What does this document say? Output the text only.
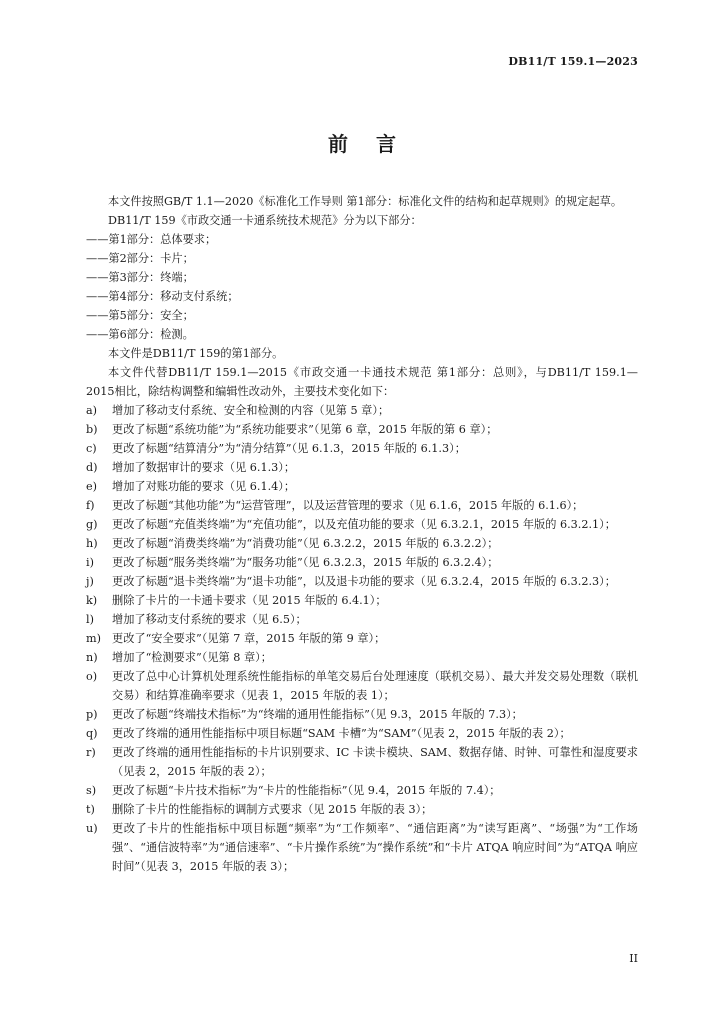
DB11/T 159.1—2023
前言

本文件按照GB/T 1.1—2020《标准化工作导则 第1部分：标准化文件的结构和起草规则》的规定起草。

DB11/T 159《市政交通一卡通系统技术规范》分为以下部分：

——第1部分：总体要求；

——第2部分：卡片；

——第3部分：终端；

——第4部分：移动支付系统；

——第5部分：安全；

——第6部分：检测。

本文件是DB11/T 159的第1部分。

本文件代替DB11/T 159.1—2015《市政交通一卡通技术规范 第1部分：总则》，与DB11/T 159.1—2015相比，除结构调整和编辑性改动外，主要技术变化如下：

a)	增加了移动支付系统、安全和检测的内容（见第 5 章）；
b)	更改了标题“系统功能”为“系统功能要求”（见第 6 章，2015 年版的第 6 章）；
c)	更改了标题“结算清分”为“清分结算”（见 6.1.3，2015 年版的 6.1.3）；
d)	增加了数据审计的要求（见 6.1.3）；
e)	增加了对账功能的要求（见 6.1.4）；
f)	更改了标题“其他功能”为“运营管理”，以及运营管理的要求（见 6.1.6，2015 年版的 6.1.6）；
g)	更改了标题“充值类终端”为“充值功能”，以及充值功能的要求（见 6.3.2.1，2015 年版的 6.3.2.1）；
h)	更改了标题“消费类终端”为“消费功能”（见 6.3.2.2，2015 年版的 6.3.2.2）；
i)	更改了标题“服务类终端”为“服务功能”（见 6.3.2.3，2015 年版的 6.3.2.4）；
j)	更改了标题“退卡类终端”为“退卡功能”，以及退卡功能的要求（见 6.3.2.4，2015 年版的 6.3.2.3）；
k)	删除了卡片的一卡通卡要求（见 2015 年版的 6.4.1）；
l)	增加了移动支付系统的要求（见 6.5）；
m) 更改了“安全要求”（见第 7 章，2015 年版的第 9 章）；
n)	增加了“检测要求”（见第 8 章）；
o)	更改了总中心计算机处理系统性能指标的单笔交易后台处理速度（联机交易）、最大并发交易处理数（联机交易）和结算准确率要求（见表 1，2015 年版的表 1）；
p)	更改了标题“终端技术指标”为“终端的通用性能指标”（见 9.3，2015 年版的 7.3）；
q)	更改了终端的通用性能指标中项目标题“SAM 卡槽”为“SAM”（见表 2，2015 年版的表 2）；
r)	更改了终端的通用性能指标的卡片识别要求、IC 卡读卡模块、SAM、数据存储、时钟、可靠性和湿度要求（见表 2，2015 年版的表 2）；
s)	更改了标题“卡片技术指标”为“卡片的性能指标”（见 9.4，2015 年版的 7.4）；
t)	删除了卡片的性能指标的调制方式要求（见 2015 年版的表 3）；
u)	更改了卡片的性能指标中项目标题“频率”为“工作频率”、“通信距离”为“读写距离”、“场强”为“工作场强”、“通信波特率”为“通信速率”、“卡片操作系统”为“操作系统”和“卡片 ATQA 响应时间”为“ATQA 响应时间”（见表 3，2015 年版的表 3）；
II
